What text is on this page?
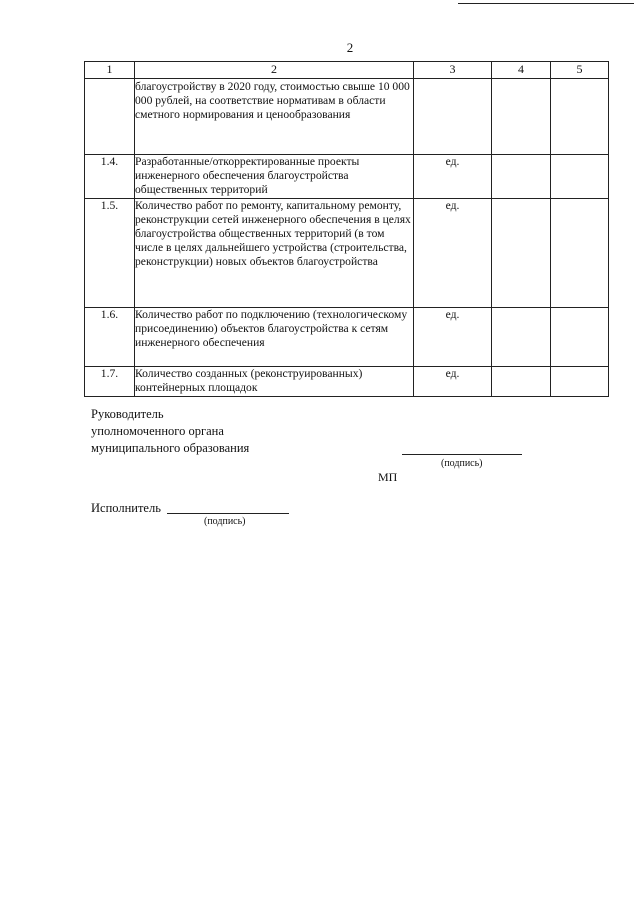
2
1	2	3	4	5
	благоустройству в 2020 году, стоимостью свыше 10 000 000 рублей, на соответствие нормативам в области сметного нормирования и ценообразования			
1.4.	Разработанные/откорректированные проекты инженерного обеспечения благоустройства общественных территорий	ед.		
1.5.	Количество работ по ремонту, капитальному ремонту, реконструкции сетей инженерного обеспечения в целях благоустройства общественных территорий (в том числе в целях дальнейшего устройства (строительства, реконструкции) новых объектов благоустройства	ед.		
1.6.	Количество работ по подключению (технологическому присоединению) объектов благоустройства к сетям инженерного обеспечения	ед.		
1.7.	Количество созданных (реконструированных) контейнерных площадок	ед.		
Руководитель
уполномоченного органа
муниципального образования
(подпись)
МП
Исполнитель
(подпись)
